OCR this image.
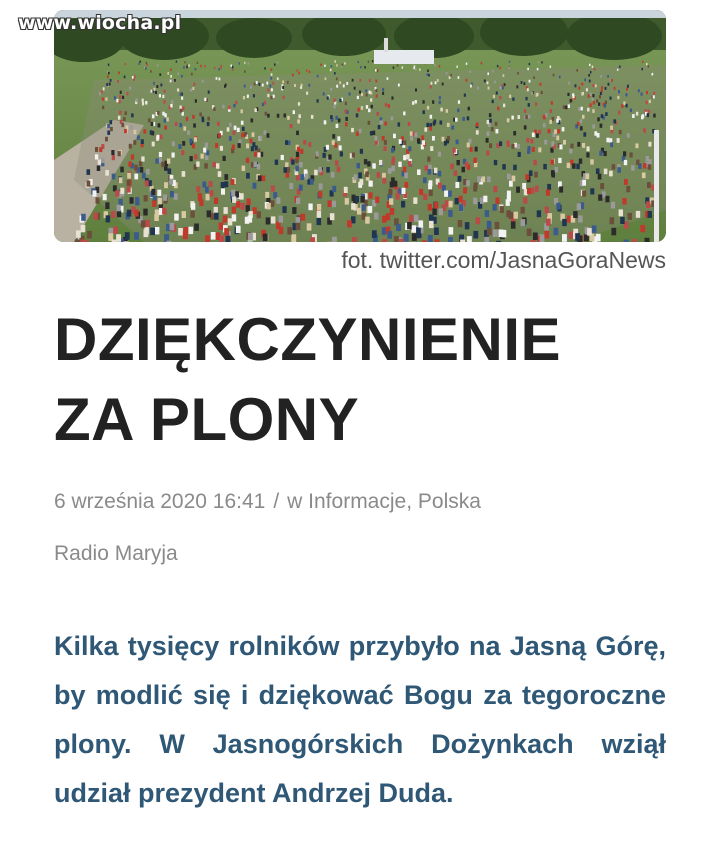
www.wiocha.pl
fot. twitter.com/JasnaGoraNews
DZIĘKCZYNIENIE
ZA PLONY
6 września 2020 16:41 / w Informacje, Polska
Radio Maryja

Kilka tysięcy rolników przybyło na Jasną Górę, by modlić się i dziękować Bogu za tegoroczne plony. W Jasnogórskich Dożynkach wziął udział prezydent Andrzej Duda.
